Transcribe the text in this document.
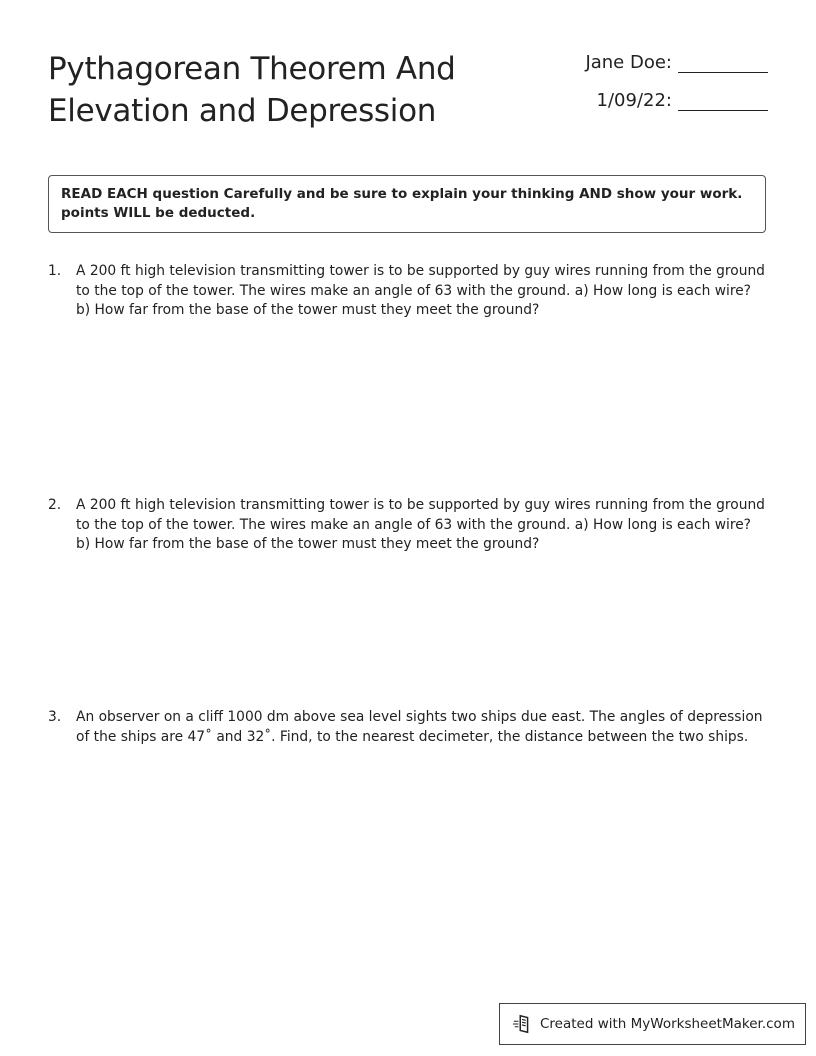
Pythagorean Theorem And
Elevation and Depression
Jane Doe:
1/09/22:
READ EACH question Carefully and be sure to explain your thinking AND show your work. points WILL be deducted.
1.	A 200 ft high television transmitting tower is to be supported by guy wires running from the ground to the top of the tower. The wires make an angle of 63 with the ground. a) How long is each wire? b) How far from the base of the tower must they meet the ground?

2.	A 200 ft high television transmitting tower is to be supported by guy wires running from the ground to the top of the tower. The wires make an angle of 63 with the ground. a) How long is each wire? b) How far from the base of the tower must they meet the ground?

3.	An observer on a cliff 1000 dm above sea level sights two ships due east. The angles of depression of the ships are 47˚ and 32˚. Find, to the nearest decimeter, the distance between the two ships.

Created with MyWorksheetMaker.com
